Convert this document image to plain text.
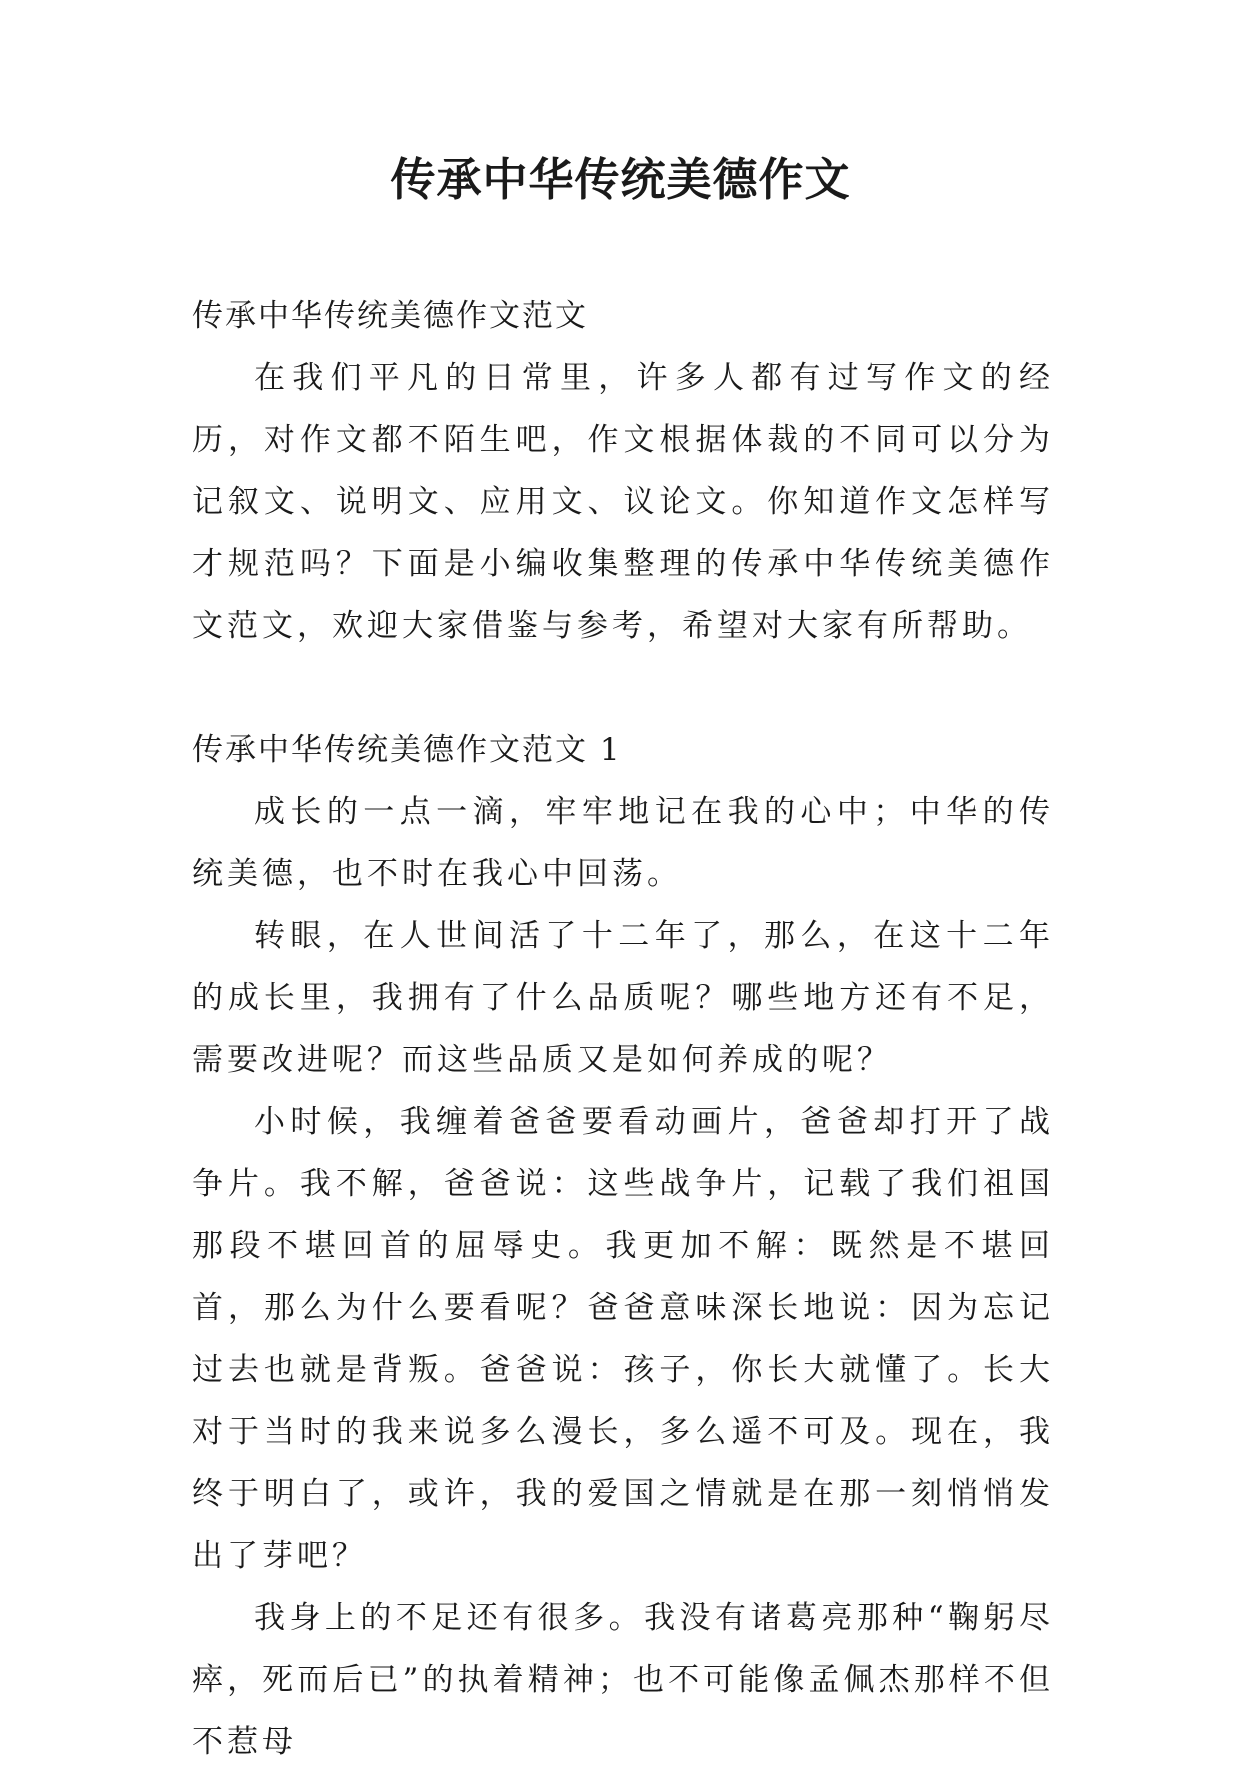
传承中华传统美德作文
传承中华传统美德作文范文

在我们平凡的日常里，许多人都有过写作文的经历，对作文都不陌生吧，作文根据体裁的不同可以分为记叙文、说明文、应用文、议论文。你知道作文怎样写才规范吗？下面是小编收集整理的传承中华传统美德作文范文，欢迎大家借鉴与参考，希望对大家有所帮助。

传承中华传统美德作文范文 1

成长的一点一滴，牢牢地记在我的心中；中华的传统美德，也不时在我心中回荡。

转眼，在人世间活了十二年了，那么，在这十二年的成长里，我拥有了什么品质呢？哪些地方还有不足，需要改进呢？而这些品质又是如何养成的呢？

小时候，我缠着爸爸要看动画片，爸爸却打开了战争片。我不解，爸爸说：这些战争片，记载了我们祖国那段不堪回首的屈辱史。我更加不解：既然是不堪回首，那么为什么要看呢？爸爸意味深长地说：因为忘记过去也就是背叛。爸爸说：孩子，你长大就懂了。长大对于当时的我来说多么漫长，多么遥不可及。现在，我终于明白了，或许，我的爱国之情就是在那一刻悄悄发出了芽吧？

我身上的不足还有很多。我没有诸葛亮那种“鞠躬尽瘁，死而后已”的执着精神；也不可能像孟佩杰那样不但不惹母
